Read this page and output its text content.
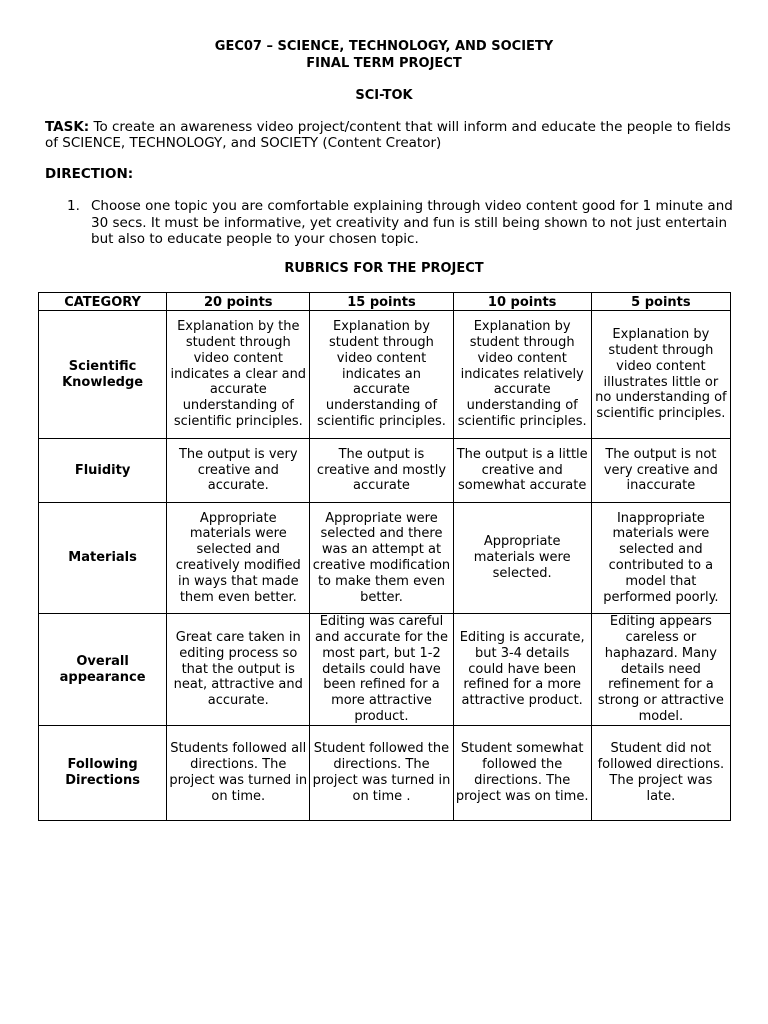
GEC07 – SCIENCE, TECHNOLOGY, AND SOCIETY
FINAL TERM PROJECT
SCI-TOK
TASK: To create an awareness video project/content that will inform and educate the people to fields of SCIENCE, TECHNOLOGY, and SOCIETY (Content Creator)
DIRECTION:
1. Choose one topic you are comfortable explaining through video content good for 1 minute and 30 secs. It must be informative, yet creativity and fun is still being shown to not just entertain but also to educate people to your chosen topic.
RUBRICS FOR THE PROJECT
CATEGORY	20 points	15 points	10 points	5 points
Scientific Knowledge	Explanation by the student through video content indicates a clear and accurate understanding of scientific principles.	Explanation by student through video content indicates an accurate understanding of scientific principles.	Explanation by student through video content indicates relatively accurate understanding of scientific principles.	Explanation by student through video content illustrates little or no understanding of scientific principles.
Fluidity	The output is very creative and accurate.	The output is creative and mostly accurate	The output is a little creative and somewhat accurate	The output is not very creative and inaccurate
Materials	Appropriate materials were selected and creatively modified in ways that made them even better.	Appropriate were selected and there was an attempt at creative modification to make them even better.	Appropriate materials were selected.	Inappropriate materials were selected and contributed to a model that performed poorly.
Overall appearance	Great care taken in editing process so that the output is neat, attractive and accurate.	Editing was careful and accurate for the most part, but 1-2 details could have been refined for a more attractive product.	Editing is accurate, but 3-4 details could have been refined for a more attractive product.	Editing appears careless or haphazard. Many details need refinement for a strong or attractive model.
Following Directions	Students followed all directions. The project was turned in on time.	Student followed the directions. The project was turned in on time .	Student somewhat followed the directions. The project was on time.	Student did not followed directions. The project was late.
